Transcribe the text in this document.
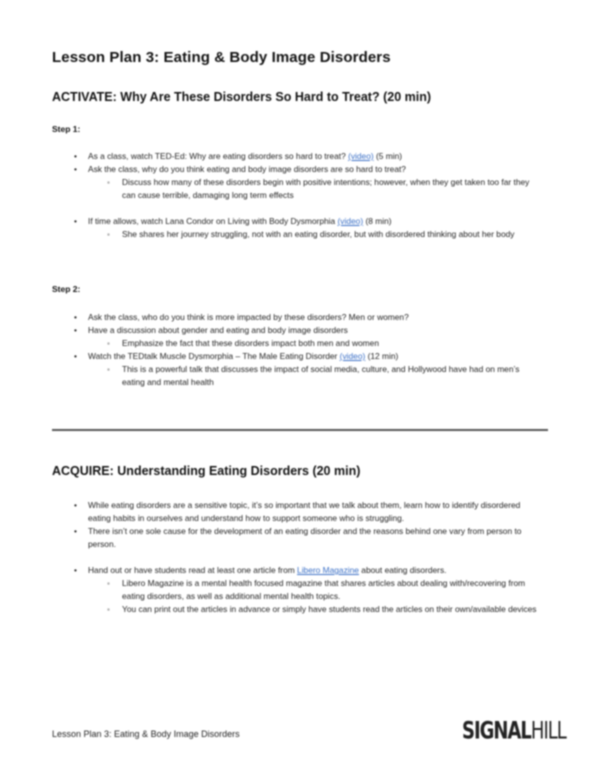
Lesson Plan 3: Eating & Body Image Disorders
ACTIVATE: Why Are These Disorders So Hard to Treat? (20 min)

Step 1:

• As a class, watch TED-Ed: Why are eating disorders so hard to treat? (video) (5 min)
• Ask the class, why do you think eating and body image disorders are so hard to treat?
◦ Discuss how many of these disorders begin with positive intentions; however, when they get taken too far they can cause terrible, damaging long term effects
• If time allows, watch Lana Condor on Living with Body Dysmorphia (video) (8 min)
◦ She shares her journey struggling, not with an eating disorder, but with disordered thinking about her body

Step 2:

• Ask the class, who do you think is more impacted by these disorders? Men or women?
• Have a discussion about gender and eating and body image disorders
◦ Emphasize the fact that these disorders impact both men and women
• Watch the TEDtalk Muscle Dysmorphia – The Male Eating Disorder (video) (12 min)
◦ This is a powerful talk that discusses the impact of social media, culture, and Hollywood have had on men’s eating and mental health
ACQUIRE: Understanding Eating Disorders (20 min)
• While eating disorders are a sensitive topic, it’s so important that we talk about them, learn how to identify disordered eating habits in ourselves and understand how to support someone who is struggling.
• There isn’t one sole cause for the development of an eating disorder and the reasons behind one vary from person to person.
• Hand out or have students read at least one article from Libero Magazine about eating disorders.
◦ Libero Magazine is a mental health focused magazine that shares articles about dealing with/recovering from eating disorders, as well as additional mental health topics.
◦ You can print out the articles in advance or simply have students read the articles on their own/available devices

Lesson Plan 3: Eating & Body Image Disorders	SIGNALHILL
